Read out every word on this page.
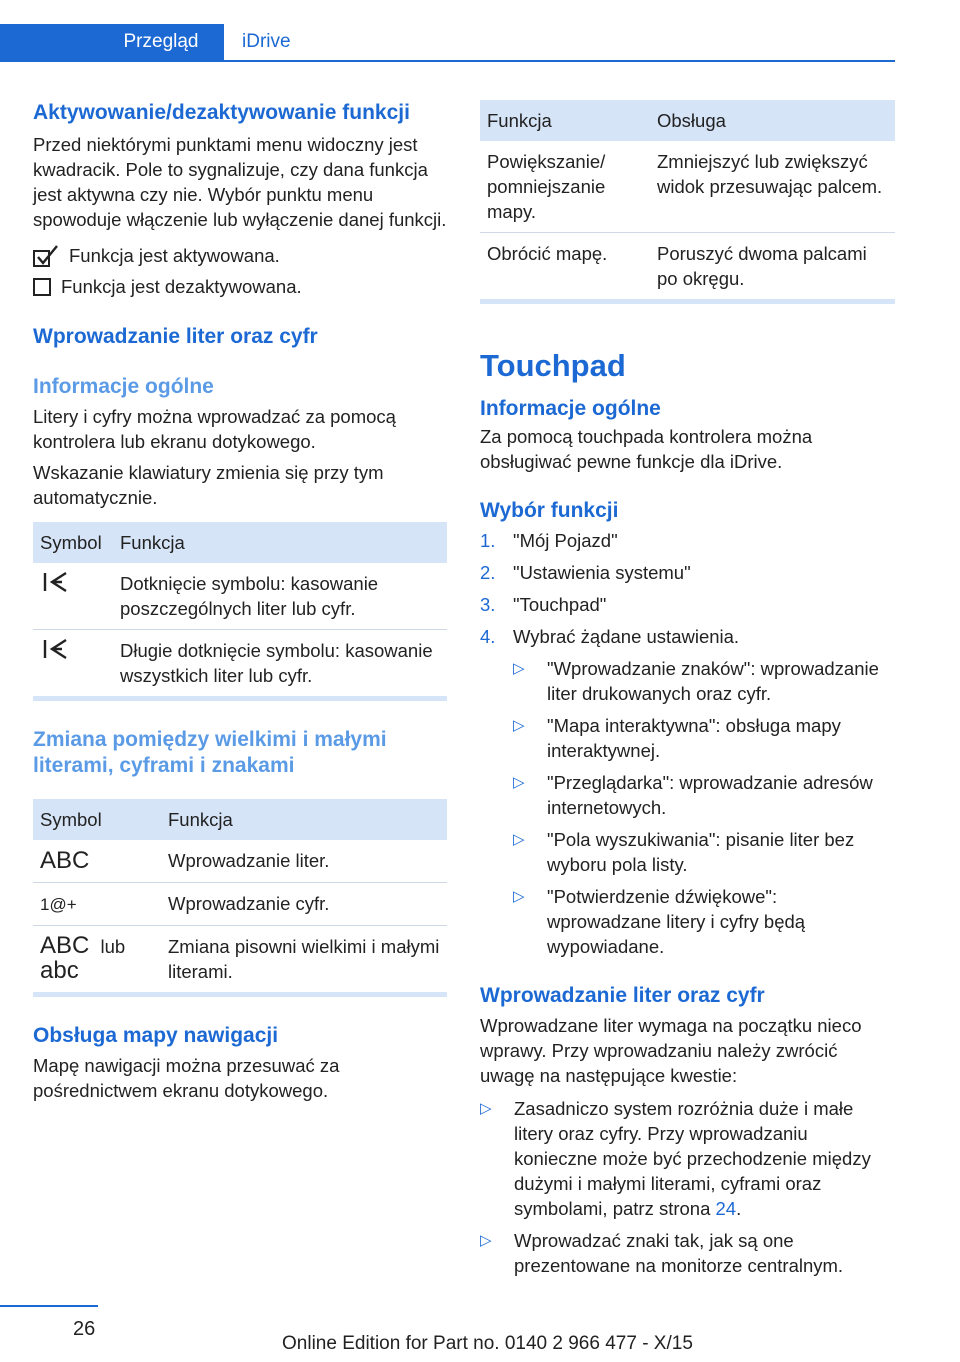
Przegląd	iDrive
Aktywowanie/dezaktywowanie funkcji

Przed niektórymi punktami menu widoczny jest kwadracik. Pole to sygnalizuje, czy dana funkcja jest aktywna czy nie. Wybór punktu menu spowoduje włączenie lub wyłączenie danej funkcji.

Funkcja jest aktywowana.
Funkcja jest dezaktywowana.
Wprowadzanie liter oraz cyfr
Informacje ogólne

Litery i cyfry można wprowadzać za pomocą kontrolera lub ekranu dotykowego.

Wskazanie klawiatury zmienia się przy tym automatycznie.

Symbol	Funkcja
	Dotknięcie symbolu: kasowanie poszczególnych liter lub cyfr.
	Długie dotknięcie symbolu: kasowanie wszystkich liter lub cyfr.
Zmiana pomiędzy wielkimi i małymi literami, cyframi i znakami
Symbol	Funkcja
ABC	Wprowadzanie liter.
1@+	Wprowadzanie cyfr.
ABC lub
abc	Zmiana pisowni wielkimi i małymi literami.
Obsługa mapy nawigacji

Mapę nawigacji można przesuwać za pośrednictwem ekranu dotykowego.

Funkcja	Obsługa
Powiększanie/ pomniejszanie mapy.	Zmniejszyć lub zwiększyć widok przesuwając palcem.
Obrócić mapę.	Poruszyć dwoma palcami po okręgu.
Touchpad
Informacje ogólne

Za pomocą touchpada kontrolera można obsługiwać pewne funkcje dla iDrive.

Wybór funkcji
1. "Mój Pojazd"
2. "Ustawienia systemu"
3. "Touchpad"
4. Wybrać żądane ustawienia.
▷ "Wprowadzanie znaków": wprowadzanie liter drukowanych oraz cyfr.
▷ "Mapa interaktywna": obsługa mapy interaktywnej.
▷ "Przeglądarka": wprowadzanie adresów internetowych.
▷ "Pola wyszukiwania": pisanie liter bez wyboru pola listy.
▷ "Potwierdzenie dźwiękowe": wprowadzane litery i cyfry będą wypowiadane.
Wprowadzanie liter oraz cyfr

Wprowadzane liter wymaga na początku nieco wprawy. Przy wprowadzaniu należy zwrócić uwagę na następujące kwestie:

▷ Zasadniczo system rozróżnia duże i małe litery oraz cyfry. Przy wprowadzaniu konieczne może być przechodzenie między dużymi i małymi literami, cyframi oraz symbolami, patrz strona 24.
▷ Wprowadzać znaki tak, jak są one prezentowane na monitorze centralnym.
26
Online Edition for Part no. 0140 2 966 477 - X/15
